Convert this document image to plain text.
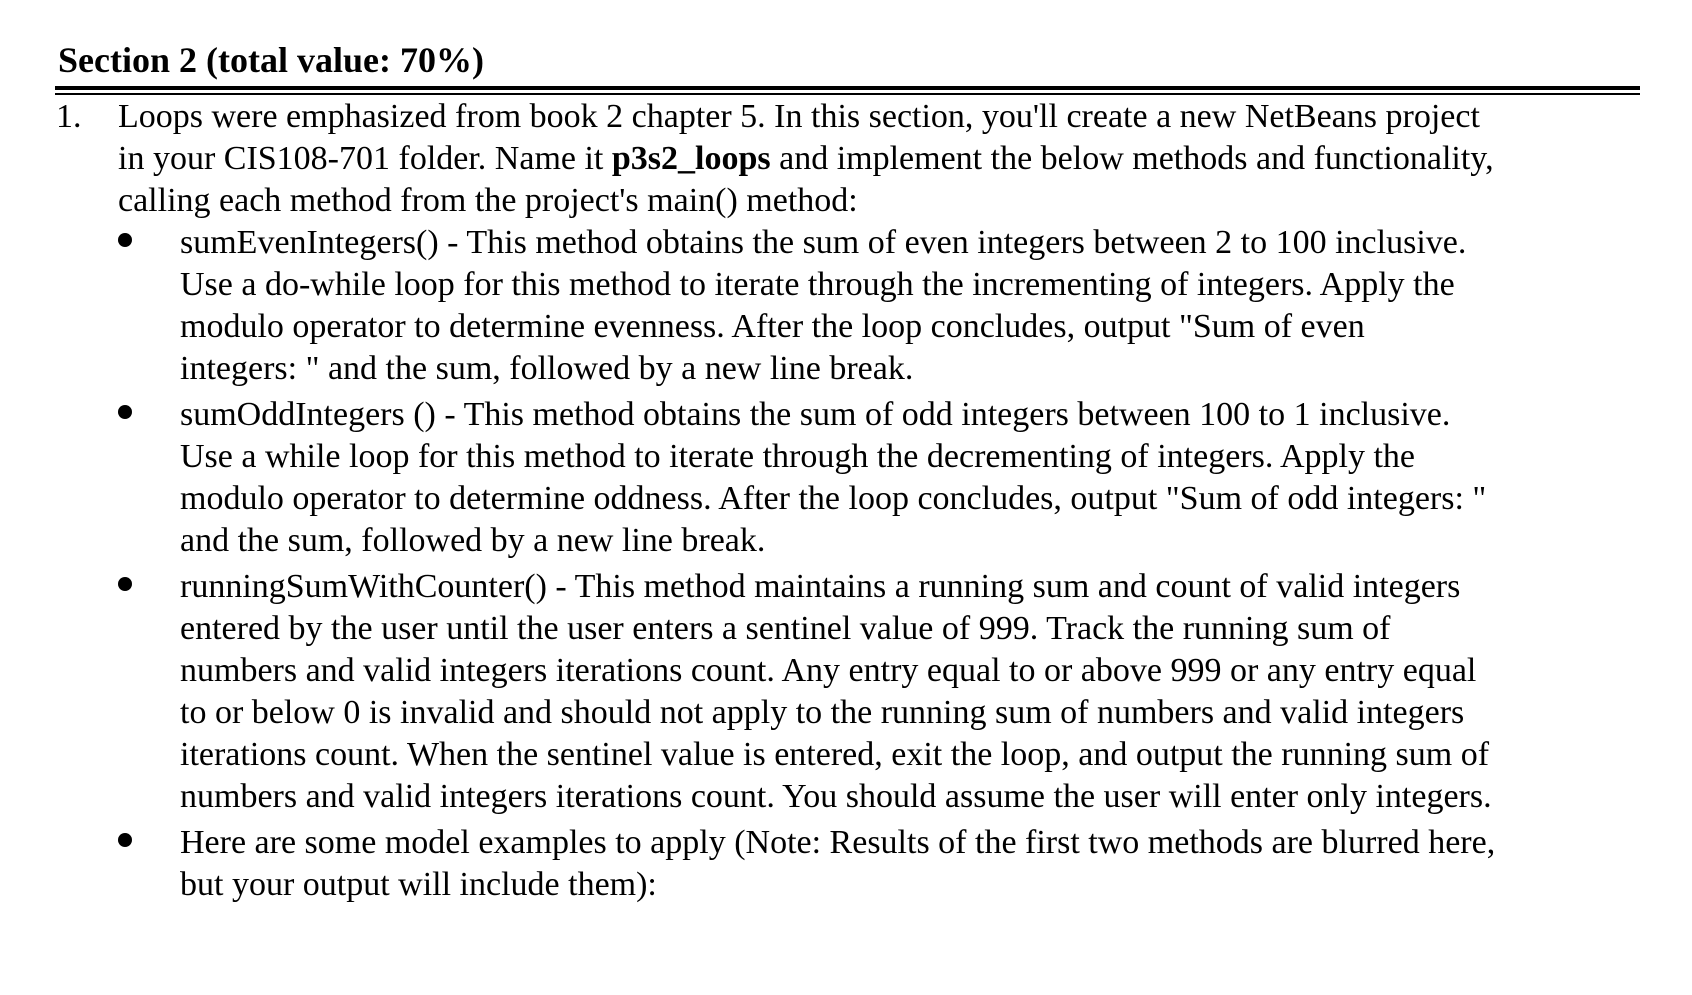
Section 2 (total value: 70%)
1. Loops were emphasized from book 2 chapter 5. In this section, you'll create a new NetBeans project
in your CIS108-701 folder. Name it p3s2_loops and implement the below methods and functionality,
calling each method from the project's main() method:
sumEvenIntegers() - This method obtains the sum of even integers between 2 to 100 inclusive.
Use a do-while loop for this method to iterate through the incrementing of integers. Apply the
modulo operator to determine evenness. After the loop concludes, output "Sum of even
integers: " and the sum, followed by a new line break.
sumOddIntegers () - This method obtains the sum of odd integers between 100 to 1 inclusive.
Use a while loop for this method to iterate through the decrementing of integers. Apply the
modulo operator to determine oddness. After the loop concludes, output "Sum of odd integers: "
and the sum, followed by a new line break.
runningSumWithCounter() - This method maintains a running sum and count of valid integers
entered by the user until the user enters a sentinel value of 999. Track the running sum of
numbers and valid integers iterations count. Any entry equal to or above 999 or any entry equal
to or below 0 is invalid and should not apply to the running sum of numbers and valid integers
iterations count. When the sentinel value is entered, exit the loop, and output the running sum of
numbers and valid integers iterations count. You should assume the user will enter only integers.
Here are some model examples to apply (Note: Results of the first two methods are blurred here,
but your output will include them):
